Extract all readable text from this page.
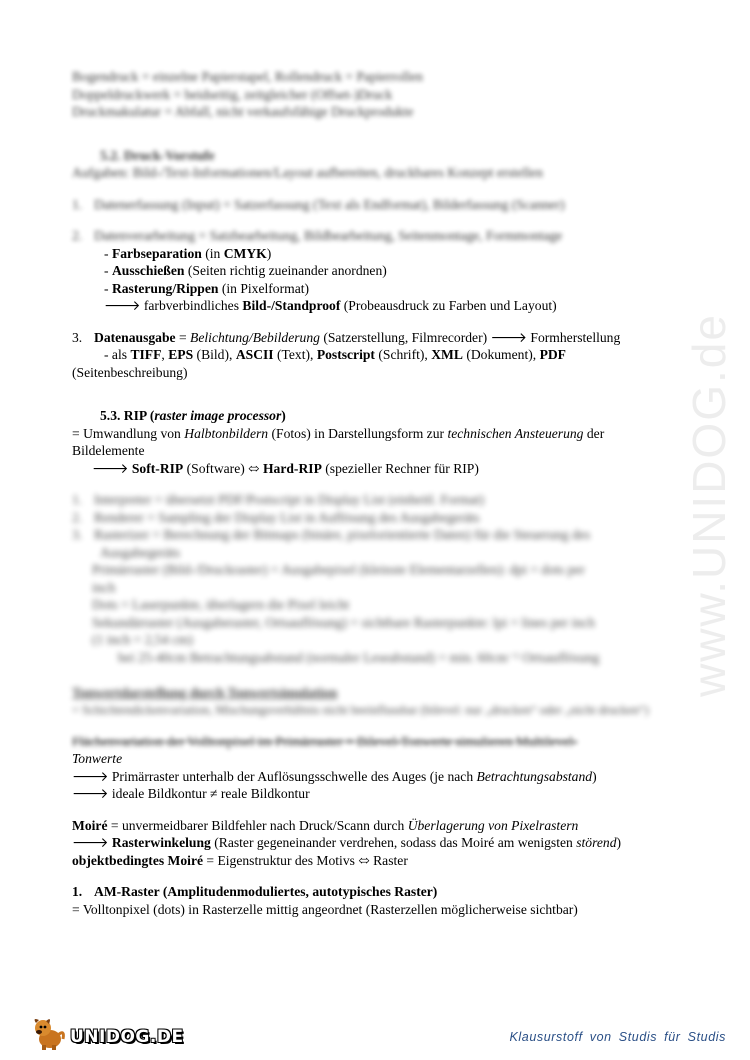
Bogendruck = einzelne Papierstapel, Rollendruck = Papierrollen

Doppeldruckwerk = beidseitig, zeitgleicher (Offset-)Druck

Druckmakulatur = Abfall, nicht verkaufsfähige Druckprodukte

5.2. Druck-Vorstufe

Aufgaben: Bild-/Text-Informationen/Layout aufbereiten, druckbares Konzept erstellen

1. Datenerfassung (Input) = Satzerfassung (Text als Endformat), Bilderfassung (Scanner)

2. Datenverarbeitung = Satzbearbeitung, Bildbearbeitung, Seitenmontage, Formmontage

- Farbseparation (in CMYK)

- Ausschießen (Seiten richtig zueinander anordnen)

- Rasterung/Rippen (in Pixelformat)

🡒 farbverbindliches Bild-/Standproof (Probeausdruck zu Farben und Layout)

3. Datenausgabe = Belichtung/Bebilderung (Satzerstellung, Filmrecorder) 🡒 Formherstellung

- als TIFF, EPS (Bild), ASCII (Text), Postscript (Schrift), XML (Dokument), PDF

(Seitenbeschreibung)

5.3. RIP (raster image processor)

= Umwandlung von Halbtonbildern (Fotos) in Darstellungsform zur technischen Ansteuerung der

Bildelemente

🡒 Soft-RIP (Software) ⬄ Hard-RIP (spezieller Rechner für RIP)

1. Interpreter = übersetzt PDF/Postscript in Display List (einheitl. Format)

2. Renderer = Sampling der Display List in Auflösung des Ausgabegeräts

3. Rasterizer = Berechnung der Bitmaps (binäre, pixelorientierte Daten) für die Steuerung des

Ausgabegeräts

Primärraster (Bild-/Druckraster) = Ausgabepixel (kleinste Elementarzellen): dpi = dots per

inch

Dots = Laserpunkte, überlagern die Pixel leicht

Sekundärraster (Ausgaberaster, Ortsauflösung) = sichtbare Rasterpunkte: lpi = lines per inch

(1 inch = 2,54 cm)

bei 25-40cm Betrachtungsabstand (normaler Leseabstand) = min. 60cm⁻¹ Ortsauflösung

Tonwertdarstellung durch Tonwertsimulation

= Schichtendickenvariation, Mischungsverhältnis nicht beeinflussbar (bilevel: nur „drucken“ oder „nicht drucken“)

Flächenvariation der Volltonpixel im Primärraster = Bilevel-Tonwerte simulieren Multilevel-

Tonwerte

🡒 Primärraster unterhalb der Auflösungsschwelle des Auges (je nach Betrachtungsabstand)

🡒 ideale Bildkontur ≠ reale Bildkontur

Moiré = unvermeidbarer Bildfehler nach Druck/Scann durch Überlagerung von Pixelrastern

🡒 Rasterwinkelung (Raster gegeneinander verdrehen, sodass das Moiré am wenigsten störend)

objektbedingtes Moiré = Eigenstruktur des Motivs ⬄ Raster

1. AM-Raster (Amplitudenmoduliertes, autotypisches Raster)

= Volltonpixel (dots) in Rasterzelle mittig angeordnet (Rasterzellen möglicherweise sichtbar)

www.UNIDOG.de
UNIDOG.DE	Klausurstoff von Studis für Studis
